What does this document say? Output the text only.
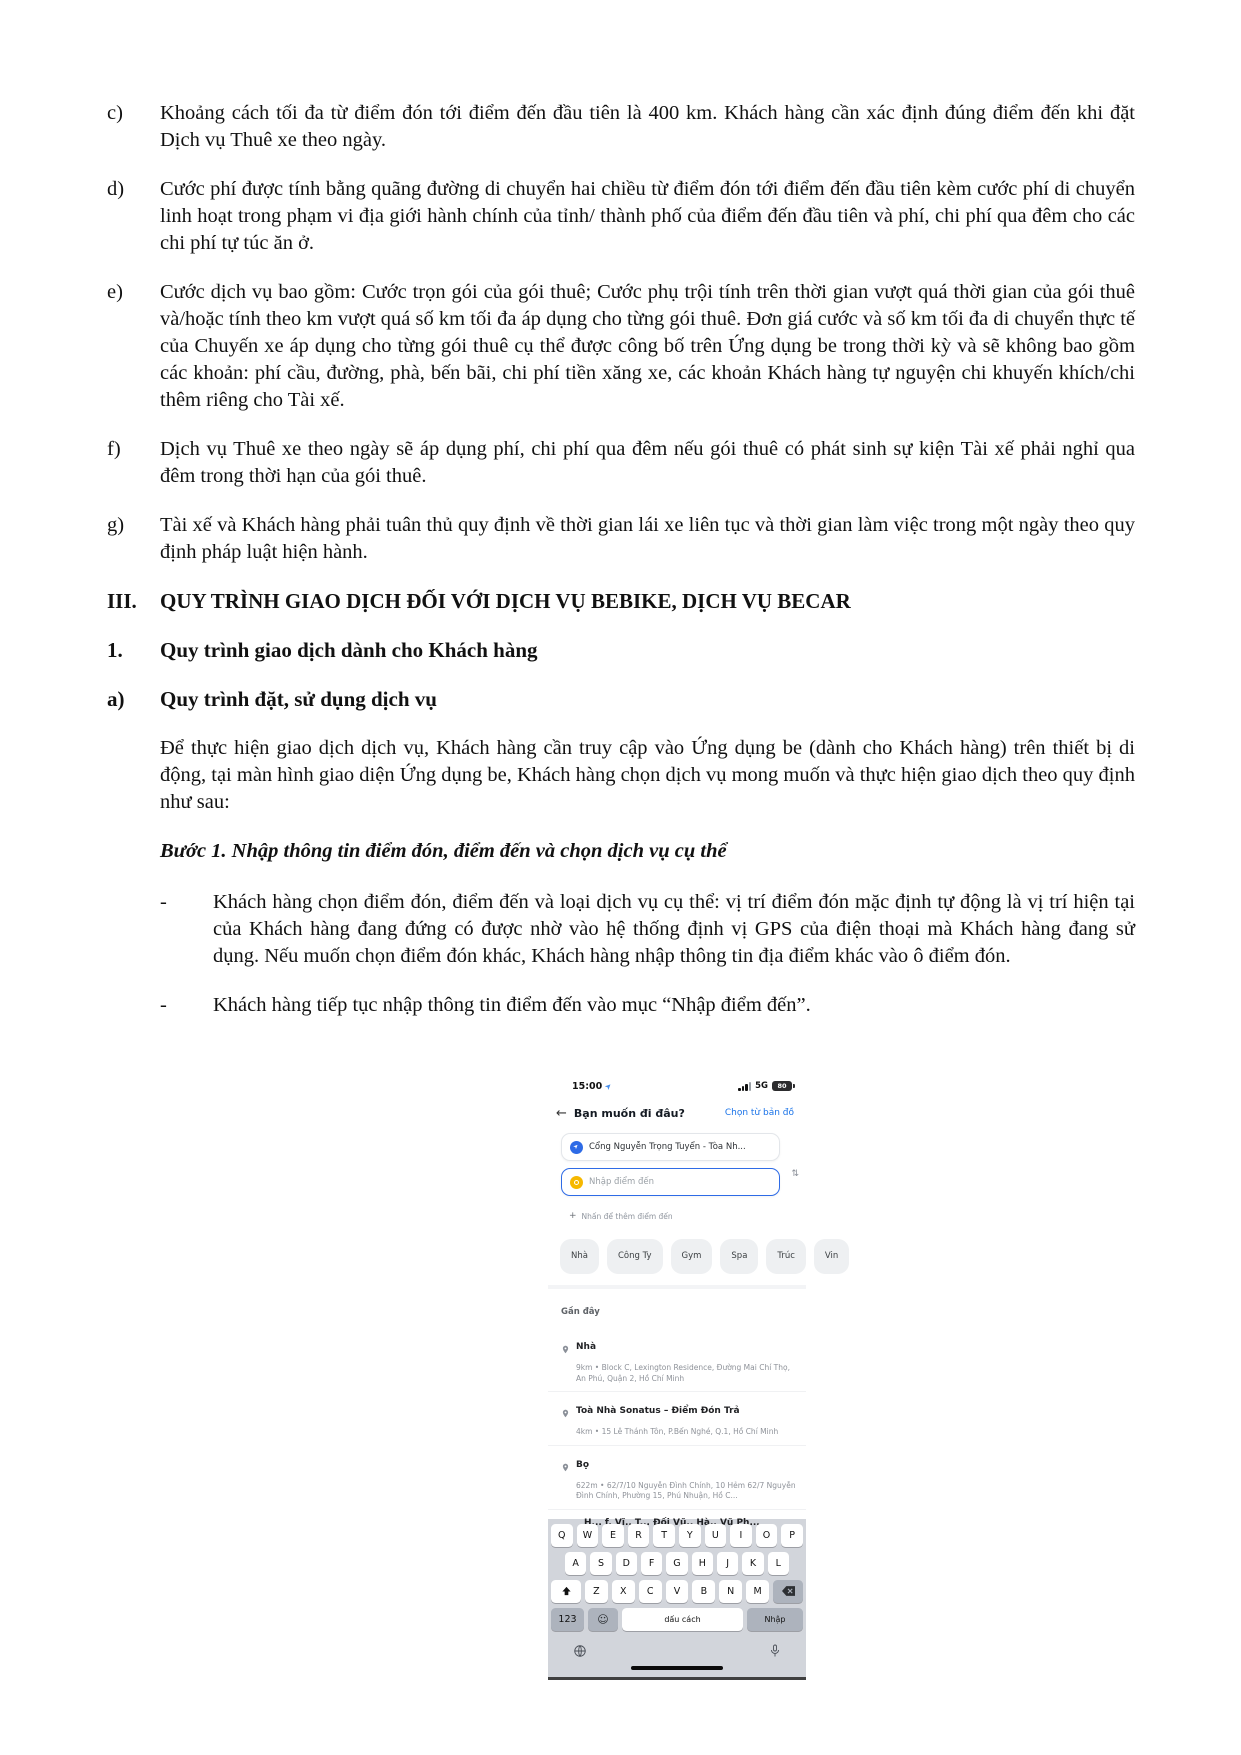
c)	Khoảng cách tối đa từ điểm đón tới điểm đến đầu tiên là 400 km. Khách hàng cần xác định đúng điểm đến khi đặt Dịch vụ Thuê xe theo ngày.
d)	Cước phí được tính bằng quãng đường di chuyển hai chiều từ điểm đón tới điểm đến đầu tiên kèm cước phí di chuyển linh hoạt trong phạm vi địa giới hành chính của tỉnh/ thành phố của điểm đến đầu tiên và phí, chi phí qua đêm cho các chi phí tự túc ăn ở.
e)	Cước dịch vụ bao gồm: Cước trọn gói của gói thuê; Cước phụ trội tính trên thời gian vượt quá thời gian của gói thuê và/hoặc tính theo km vượt quá số km tối đa áp dụng cho từng gói thuê. Đơn giá cước và số km tối đa di chuyển thực tế của Chuyến xe áp dụng cho từng gói thuê cụ thể được công bố trên Ứng dụng be trong thời kỳ và sẽ không bao gồm các khoản: phí cầu, đường, phà, bến bãi, chi phí tiền xăng xe, các khoản Khách hàng tự nguyện chi khuyến khích/chi thêm riêng cho Tài xế.
f)	Dịch vụ Thuê xe theo ngày sẽ áp dụng phí, chi phí qua đêm nếu gói thuê có phát sinh sự kiện Tài xế phải nghỉ qua đêm trong thời hạn của gói thuê.
g)	Tài xế và Khách hàng phải tuân thủ quy định về thời gian lái xe liên tục và thời gian làm việc trong một ngày theo quy định pháp luật hiện hành.
III.	QUY TRÌNH GIAO DỊCH ĐỐI VỚI DỊCH VỤ BEBIKE, DỊCH VỤ BECAR
1.	Quy trình giao dịch dành cho Khách hàng
a)	Quy trình đặt, sử dụng dịch vụ
Để thực hiện giao dịch dịch vụ, Khách hàng cần truy cập vào Ứng dụng be (dành cho Khách hàng) trên thiết bị di động, tại màn hình giao diện Ứng dụng be, Khách hàng chọn dịch vụ mong muốn và thực hiện giao dịch theo quy định như sau:
Bước 1. Nhập thông tin điểm đón, điểm đến và chọn dịch vụ cụ thể
-	Khách hàng chọn điểm đón, điểm đến và loại dịch vụ cụ thể: vị trí điểm đón mặc định tự động là vị trí hiện tại của Khách hàng đang đứng có được nhờ vào hệ thống định vị GPS của điện thoại mà Khách hàng đang sử dụng. Nếu muốn chọn điểm đón khác, Khách hàng nhập thông tin địa điểm khác vào ô điểm đón.
-	Khách hàng tiếp tục nhập thông tin điểm đến vào mục “Nhập điểm đến”.
15:00 ➤	5G	80
← Bạn muốn đi đâu?	Chọn từ bản đồ
➤ Cổng Nguyễn Trọng Tuyển - Tòa Nh...
Nhập điểm đến
⇅
+ Nhấn để thêm điểm đến
Nhà	Công Ty	Gym	Spa	Trúc	Vin
Gần đây
Nhà
9km • Block C, Lexington Residence, Đường Mai Chí Thọ, An Phú, Quận 2, Hồ Chí Minh
Toà Nhà Sonatus – Điểm Đón Trả
4km • 15 Lê Thánh Tôn, P.Bến Nghé, Q.1, Hồ Chí Minh
Bọ
622m • 62/7/10 Nguyễn Đình Chính, 10 Hẻm 62/7 Nguyễn Đình Chính, Phường 15, Phú Nhuận, Hồ C...
Q	W	E	R	T	Y	U	I	O	P
A	S	D	F	G	H	J	K	L
Z	X	C	V	B	N	M
123	☺	dấu cách	Nhập
